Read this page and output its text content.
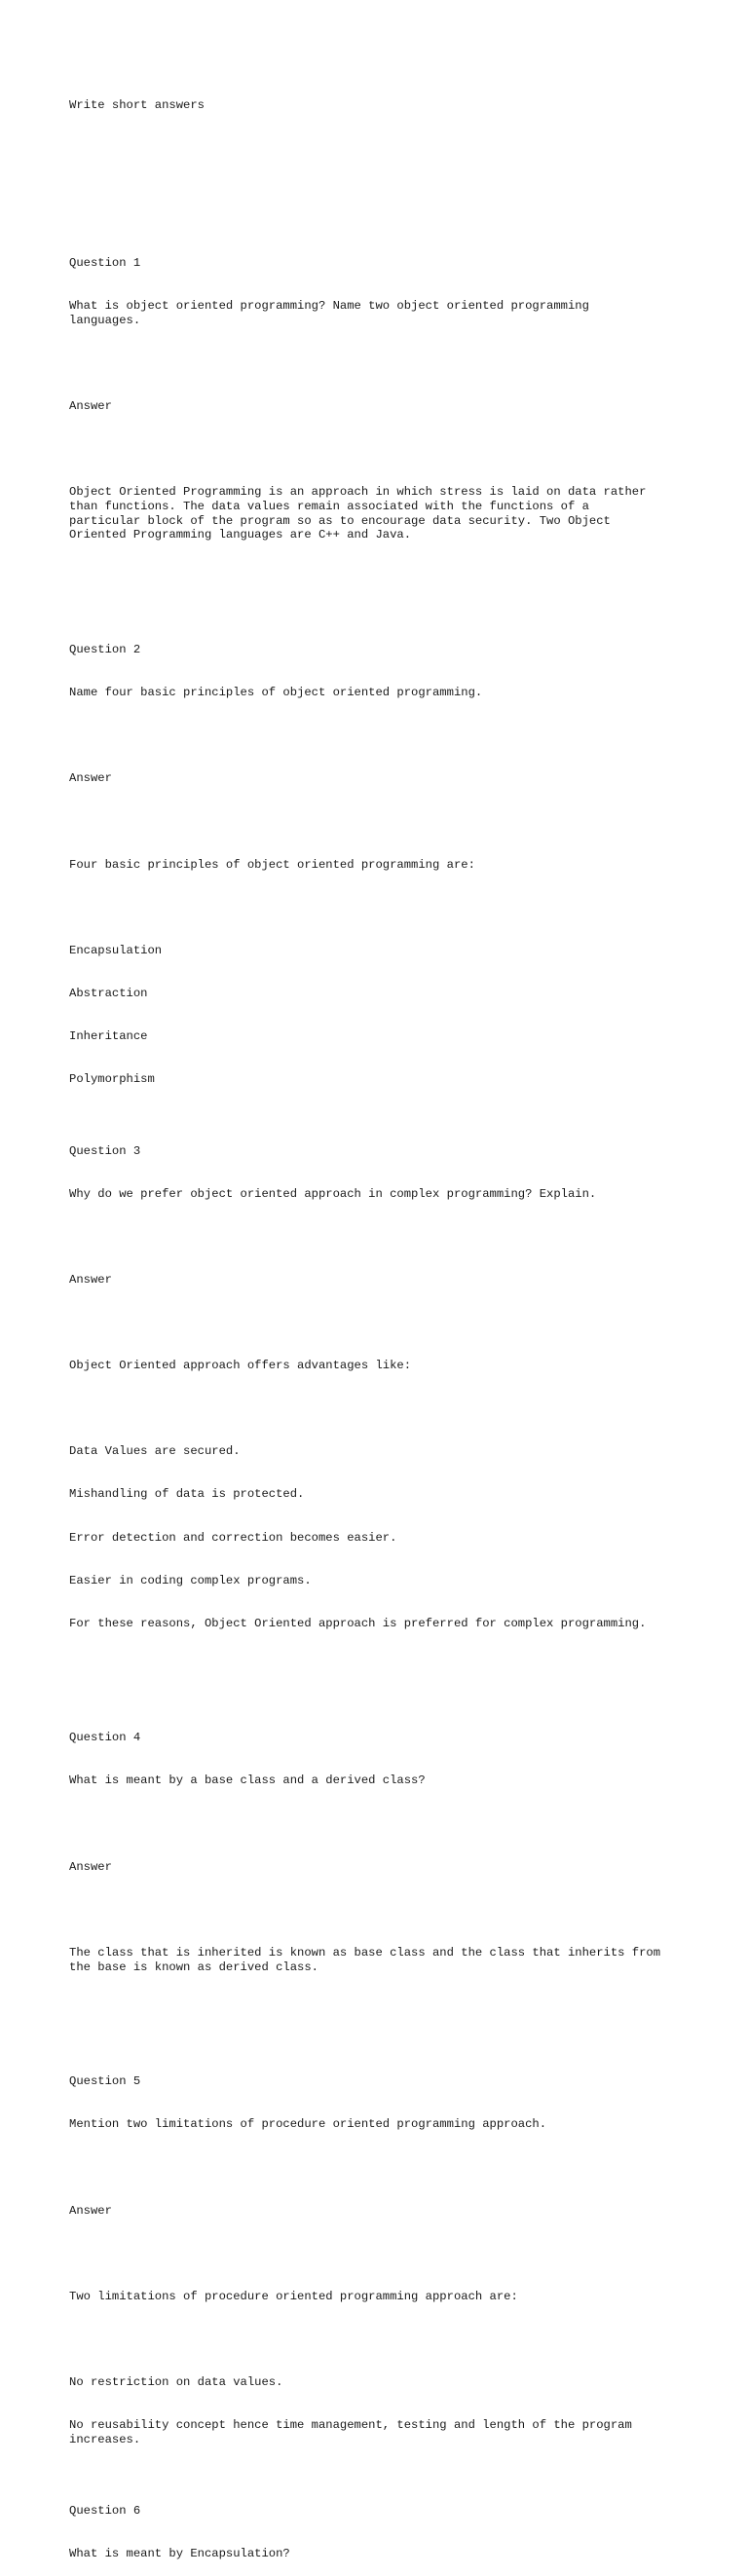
Write short answers

Question 1

What is object oriented programming? Name two object oriented programming
languages.

Answer

Object Oriented Programming is an approach in which stress is laid on data rather
than functions. The data values remain associated with the functions of a
particular block of the program so as to encourage data security. Two Object
Oriented Programming languages are C++ and Java.

Question 2

Name four basic principles of object oriented programming.

Answer

Four basic principles of object oriented programming are:

Encapsulation

Abstraction

Inheritance

Polymorphism

Question 3

Why do we prefer object oriented approach in complex programming? Explain.

Answer

Object Oriented approach offers advantages like:

Data Values are secured.

Mishandling of data is protected.

Error detection and correction becomes easier.

Easier in coding complex programs.

For these reasons, Object Oriented approach is preferred for complex programming.

Question 4

What is meant by a base class and a derived class?

Answer

The class that is inherited is known as base class and the class that inherits from
the base is known as derived class.

Question 5

Mention two limitations of procedure oriented programming approach.

Answer

Two limitations of procedure oriented programming approach are:

No restriction on data values.

No reusability concept hence time management, testing and length of the program
increases.

Question 6

What is meant by Encapsulation?
